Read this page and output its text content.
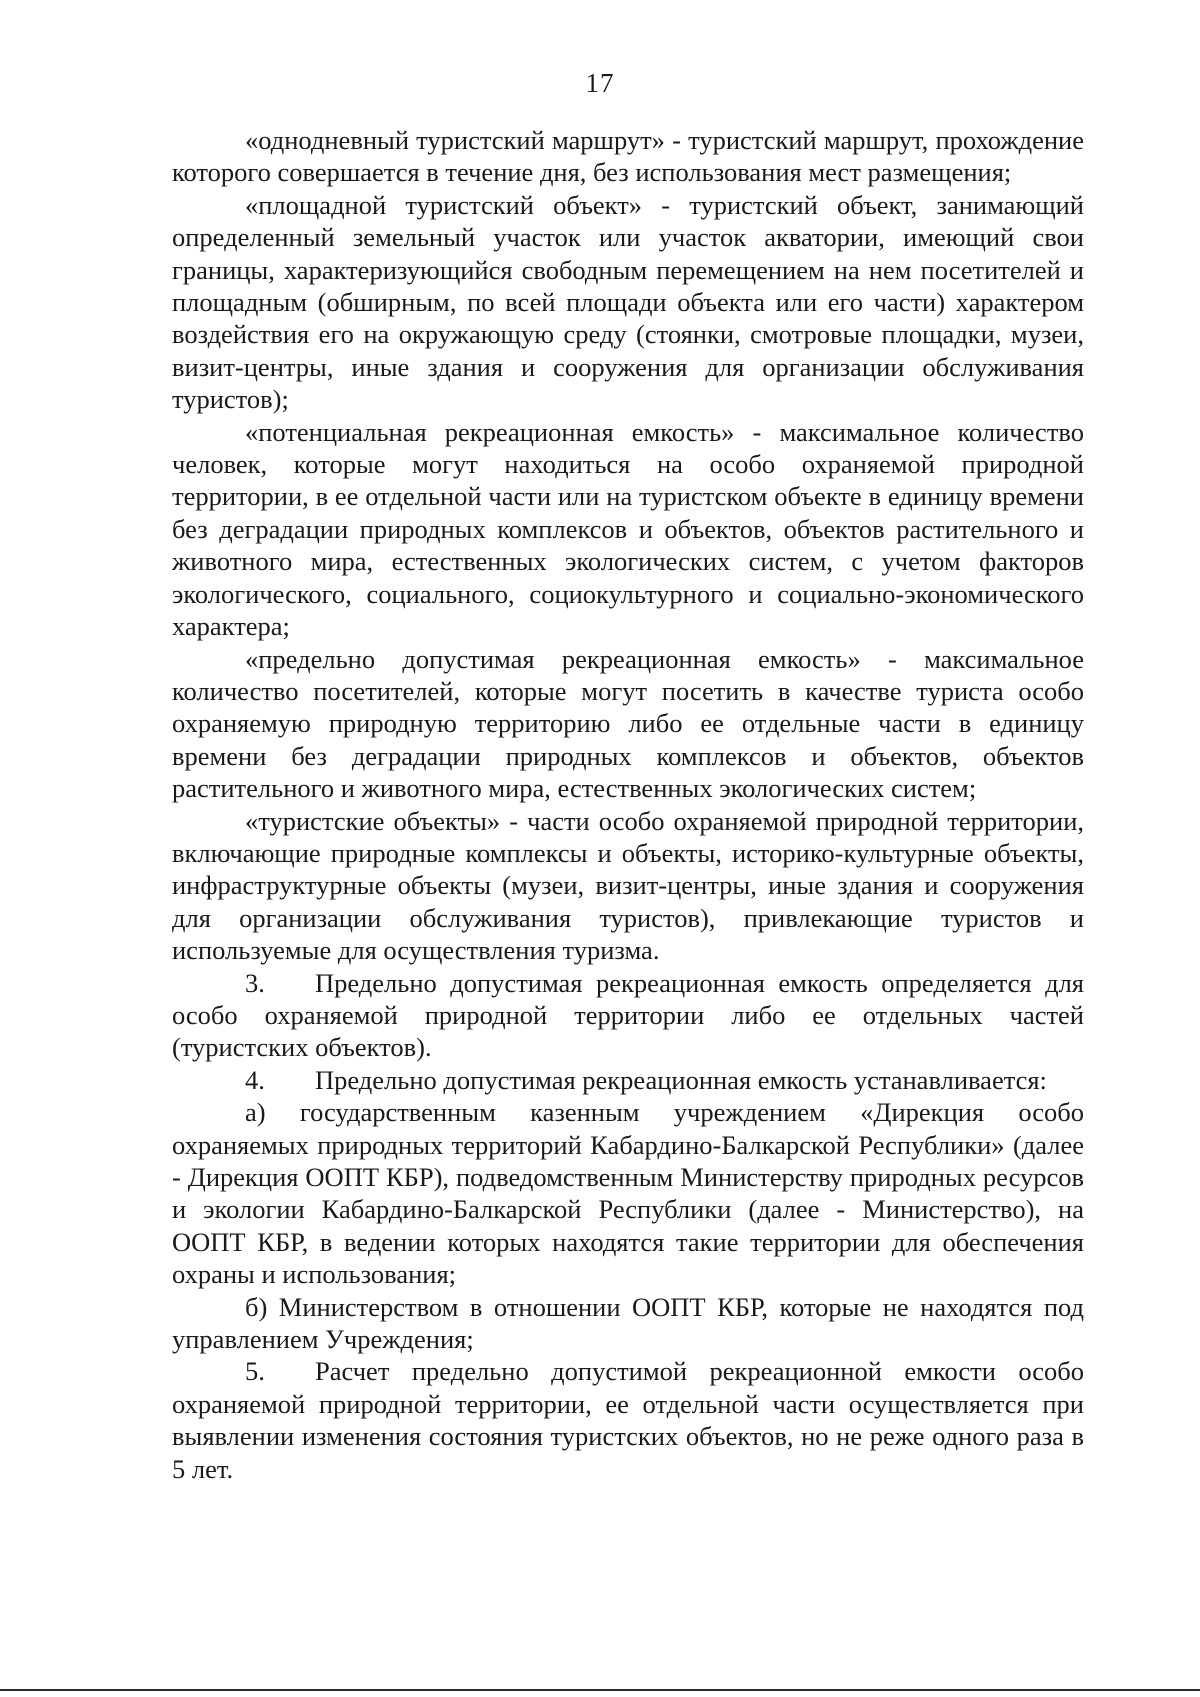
17

«однодневный туристский маршрут» - туристский маршрут, прохождение которого совершается в течение дня, без использования мест размещения;

«площадной туристский объект» - туристский объект, занимающий определенный земельный участок или участок акватории, имеющий свои границы, характеризующийся свободным перемещением на нем посетителей и площадным (обширным, по всей площади объекта или его части) характером воздействия его на окружающую среду (стоянки, смотровые площадки, музеи, визит-центры, иные здания и сооружения для организации обслуживания туристов);

«потенциальная рекреационная емкость» - максимальное количество человек, которые могут находиться на особо охраняемой природной территории, в ее отдельной части или на туристском объекте в единицу времени без деградации природных комплексов и объектов, объектов растительного и животного мира, естественных экологических систем, с учетом факторов экологического, социального, социокультурного и социально-экономического характера;

«предельно допустимая рекреационная емкость» - максимальное количество посетителей, которые могут посетить в качестве туриста особо охраняемую природную территорию либо ее отдельные части в единицу времени без деградации природных комплексов и объектов, объектов растительного и животного мира, естественных экологических систем;

«туристские объекты» - части особо охраняемой природной территории, включающие природные комплексы и объекты, историко-культурные объекты, инфраструктурные объекты (музеи, визит-центры, иные здания и сооружения для организации обслуживания туристов), привлекающие туристов и используемые для осуществления туризма.

3. Предельно допустимая рекреационная емкость определяется для особо охраняемой природной территории либо ее отдельных частей (туристских объектов).

4. Предельно допустимая рекреационная емкость устанавливается:

а) государственным казенным учреждением «Дирекция особо охраняемых природных территорий Кабардино-Балкарской Республики» (далее - Дирекция ООПТ КБР), подведомственным Министерству природных ресурсов и экологии Кабардино-Балкарской Республики (далее - Министерство), на ООПТ КБР, в ведении которых находятся такие территории для обеспечения охраны и использования;

б) Министерством в отношении ООПТ КБР, которые не находятся под управлением Учреждения;

5. Расчет предельно допустимой рекреационной емкости особо охраняемой природной территории, ее отдельной части осуществляется при выявлении изменения состояния туристских объектов, но не реже одного раза в 5 лет.
